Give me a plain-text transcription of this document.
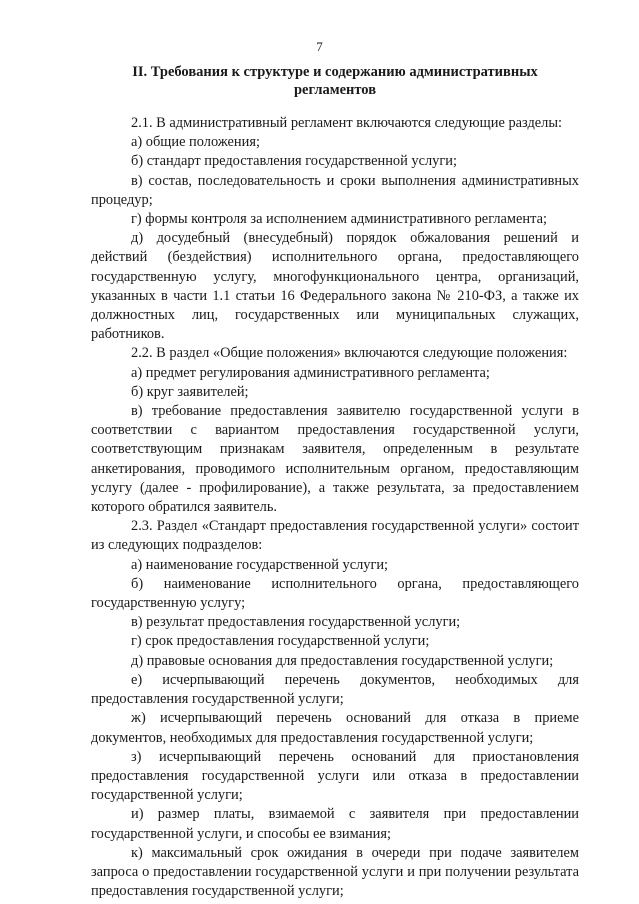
7
II. Требования к структуре и содержанию административных
регламентов

2.1. В административный регламент включаются следующие разделы:

а) общие положения;

б) стандарт предоставления государственной услуги;

в) состав, последовательность и сроки выполнения административных процедур;

г) формы контроля за исполнением административного регламента;

д) досудебный (внесудебный) порядок обжалования решений и действий (бездействия) исполнительного органа, предоставляющего государственную услугу, многофункционального центра, организаций, указанных в части 1.1 статьи 16 Федерального закона № 210-ФЗ, а также их должностных лиц, государственных или муниципальных служащих, работников.

2.2. В раздел «Общие положения» включаются следующие положения:

а) предмет регулирования административного регламента;

б) круг заявителей;

в) требование предоставления заявителю государственной услуги в соответствии с вариантом предоставления государственной услуги, соответствующим признакам заявителя, определенным в результате анкетирования, проводимого исполнительным органом, предоставляющим услугу (далее - профилирование), а также результата, за предоставлением которого обратился заявитель.

2.3. Раздел «Стандарт предоставления государственной услуги» состоит из следующих подразделов:

а) наименование государственной услуги;

б) наименование исполнительного органа, предоставляющего государственную услугу;

в) результат предоставления государственной услуги;

г) срок предоставления государственной услуги;

д) правовые основания для предоставления государственной услуги;

е) исчерпывающий перечень документов, необходимых для предоставления государственной услуги;

ж) исчерпывающий перечень оснований для отказа в приеме документов, необходимых для предоставления государственной услуги;

з) исчерпывающий перечень оснований для приостановления предоставления государственной услуги или отказа в предоставлении государственной услуги;

и) размер платы, взимаемой с заявителя при предоставлении государственной услуги, и способы ее взимания;

к) максимальный срок ожидания в очереди при подаче заявителем запроса о предоставлении государственной услуги и при получении результата предоставления государственной услуги;
